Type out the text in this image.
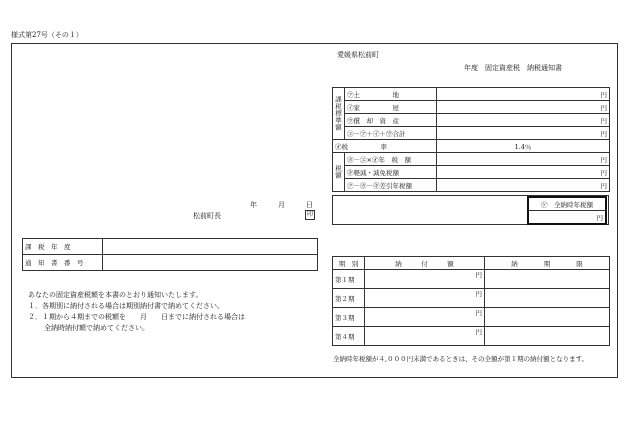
様式第27号（その１）
愛媛県松前町
年度　固定資産税　納税通知書
課税標準額	㋐土　　　　　地	円
	㋑家　　　　　屋	円
	㋒償　却　資　産	円
	㋓－㋐＋㋑＋㋒合計	円
㋔税　　　　　率		1.4％
税額	㋕－㋓×㋔年　税　額	円
	㋖軽減・減免税額	円
	㋗－㋕－㋖差引年税額	円
㋘　全納時年税額
円
年	月	日
松前町長	印
課　税　年　度	
通　知　書　番　号	

あなたの固定資産税額を本書のとおり通知いたします。

１．各期別に納付される場合は期別納付書で納めてください。

２．１期から４期までの税額を　　月　　日までに納付される場合は

全納時納付額で納めてください。

期　別	納　　　付　　　額	納　　　　期　　　　限
第１期	円	
第２期	円	
第３期	円	
第４期	円	
全納時年税額が４,０００円未満であるときは、その全額が第１期の納付額となります。
